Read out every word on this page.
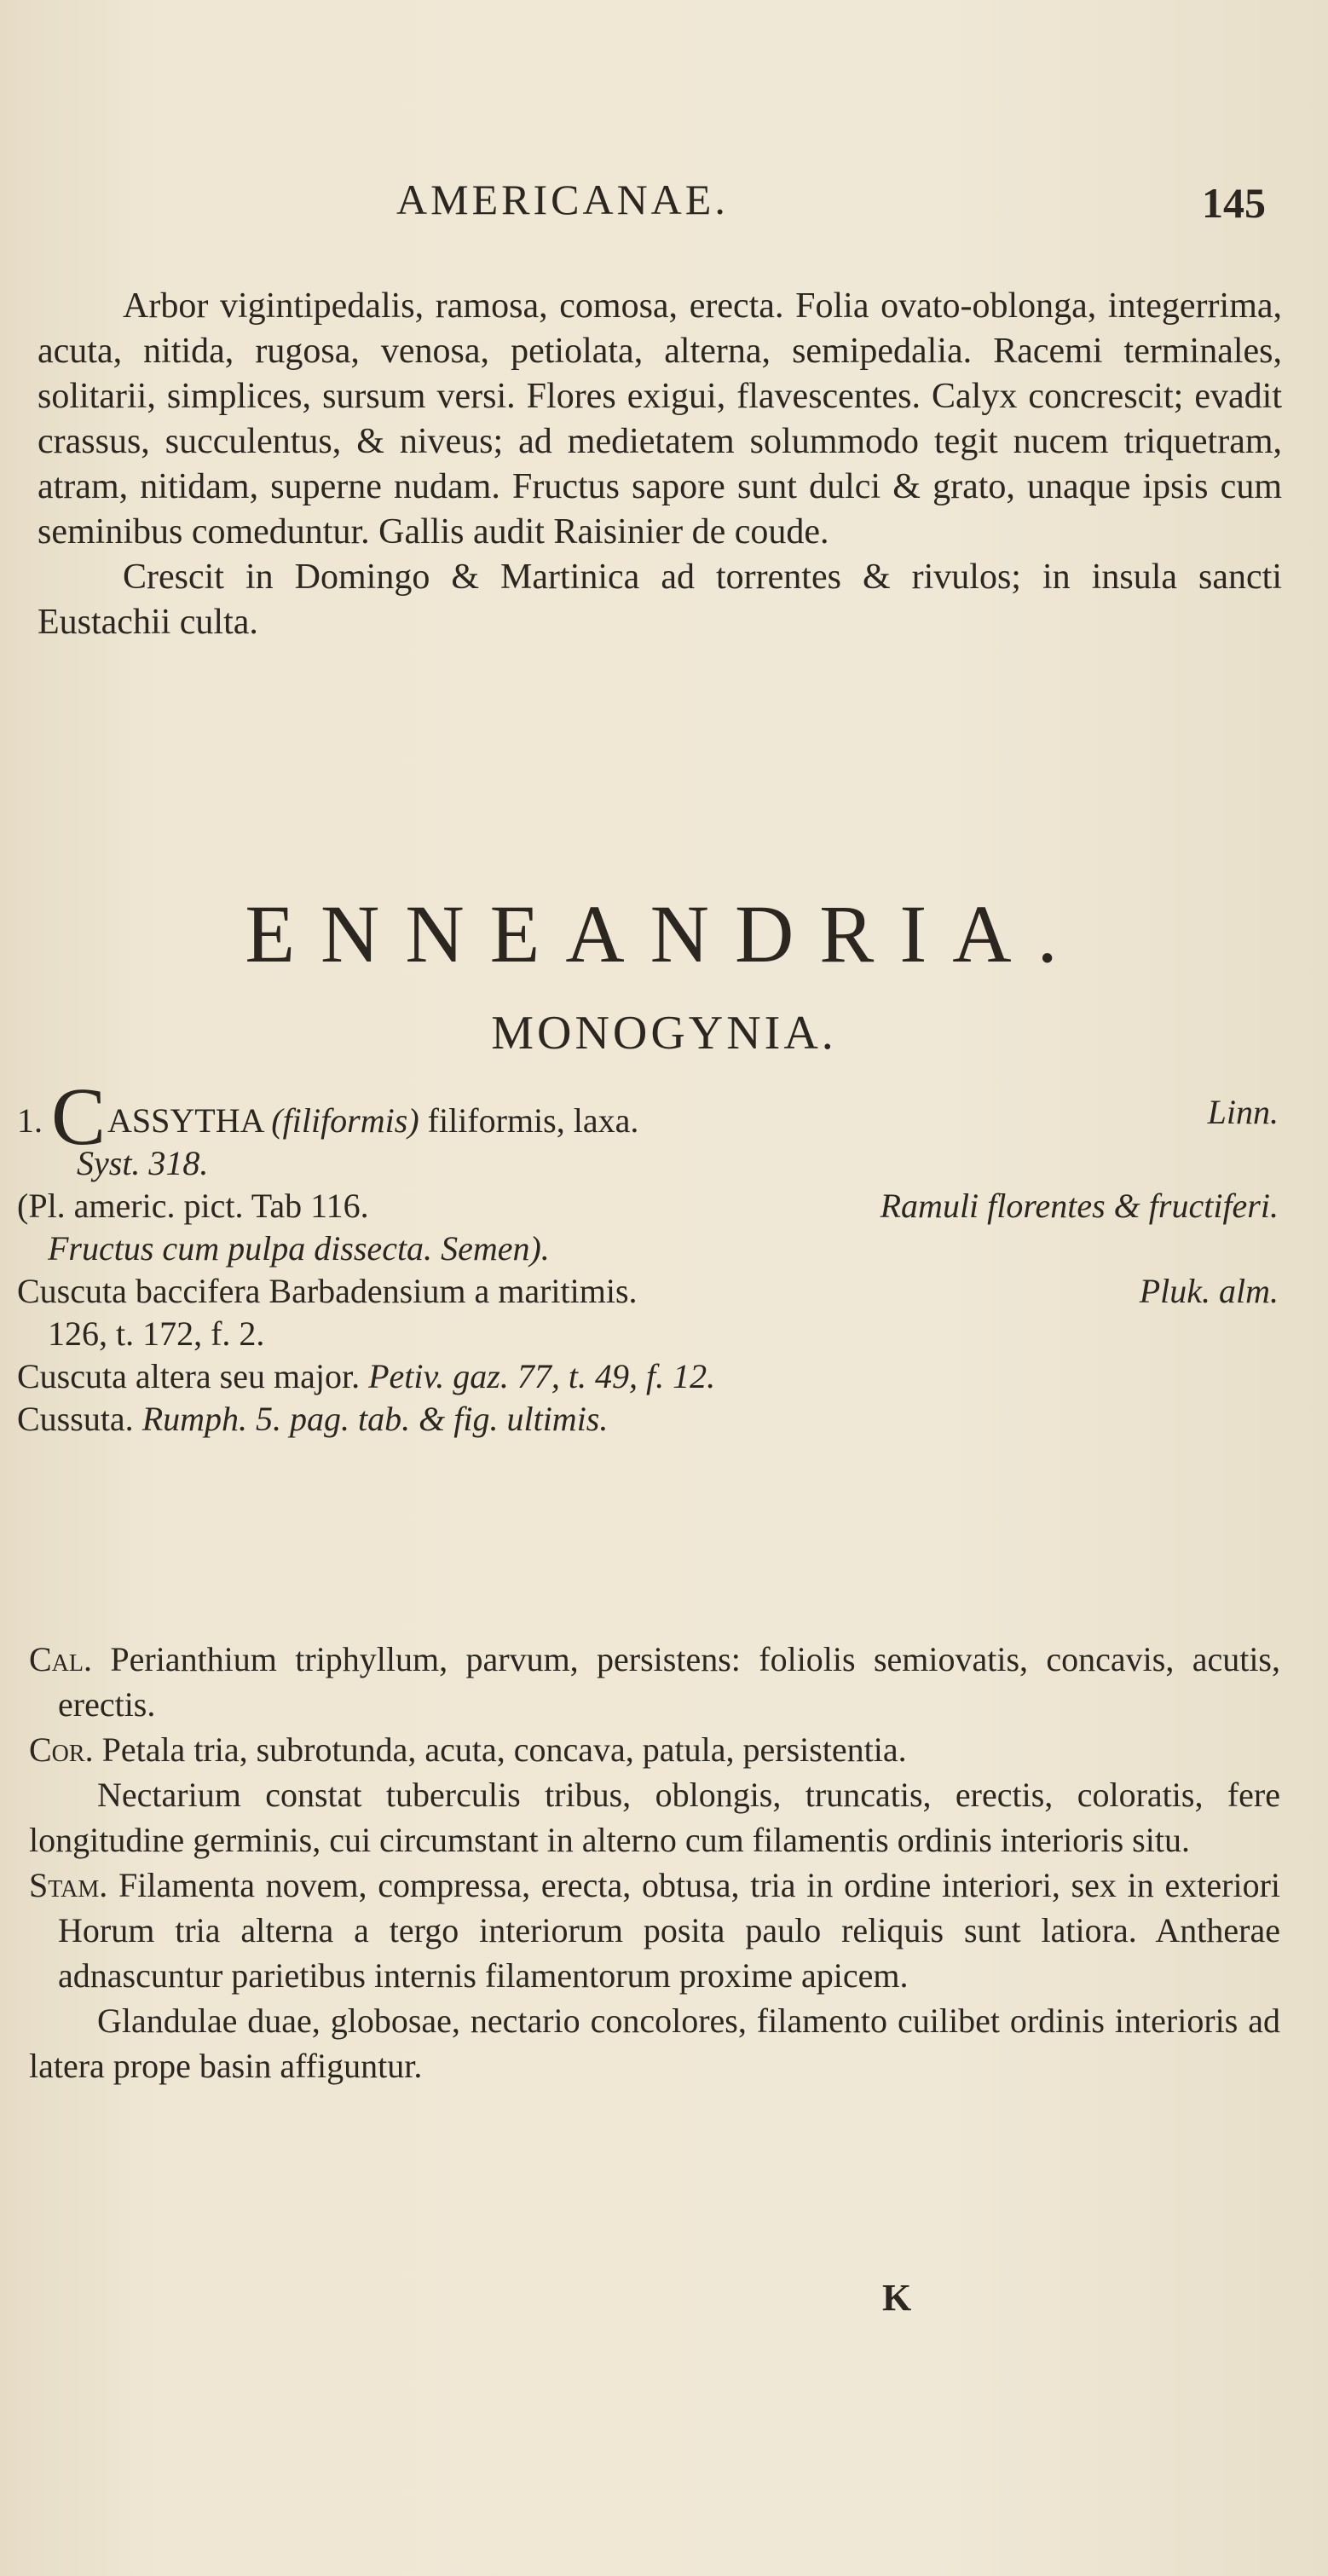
AMERICANAE.	145

Arbor vigintipedalis, ramosa, comosa, erecta. Folia ovato-oblonga, integerrima, acuta, nitida, rugosa, venosa, petiolata, alterna, semipedalia. Racemi terminales, solitarii, simplices, sursum versi. Flores exigui, flavescentes. Calyx concrescit; evadit crassus, succulentus, & niveus; ad medietatem solummodo tegit nucem triquetram, atram, nitidam, superne nudam. Fructus sapore sunt dulci & grato, unaque ipsis cum seminibus comeduntur. Gallis audit Raisinier de coude.

Crescit in Domingo & Martinica ad torrentes & rivulos; in insula sancti Eustachii culta.

ENNEANDRIA.
MONOGYNIA.
1. CASSYTHA (filiformis) filiformis, laxa.	Linn.
Syst. 318.
(Pl. americ. pict. Tab 116.	Ramuli florentes & fructiferi.
Fructus cum pulpa dissecta. Semen).
Cuscuta baccifera Barbadensium a maritimis.	Pluk. alm.
126, t. 172, f. 2.
Cuscuta altera seu major. Petiv. gaz. 77, t. 49, f. 12.
Cussuta. Rumph. 5. pag. tab. & fig. ultimis.

Cal. Perianthium triphyllum, parvum, persistens: foliolis semiovatis, concavis, acutis, erectis.

Cor. Petala tria, subrotunda, acuta, concava, patula, persistentia.

Nectarium constat tuberculis tribus, oblongis, truncatis, erectis, coloratis, fere longitudine germinis, cui circumstant in alterno cum filamentis ordinis interioris situ.

Stam. Filamenta novem, compressa, erecta, obtusa, tria in ordine interiori, sex in exteriori Horum tria alterna a tergo interiorum posita paulo reliquis sunt latiora. Antherae adnascuntur parietibus internis filamentorum proxime apicem.

Glandulae duae, globosae, nectario concolores, filamento cuilibet ordinis interioris ad latera prope basin affiguntur.

K
